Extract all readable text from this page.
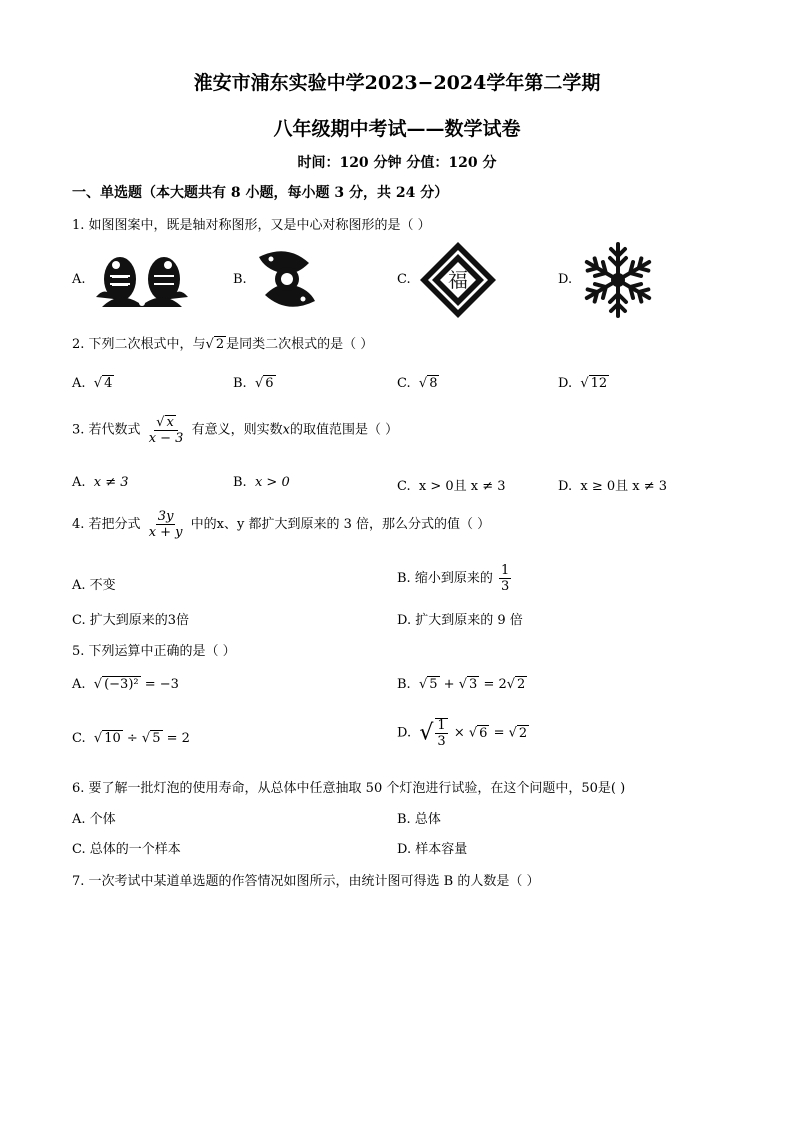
淮安市浦东实验中学2023−2024学年第二学期
八年级期中考试——数学试卷
时间：120 分钟 分值：120 分
一、单选题（本大题共有 8 小题，每小题 3 分，共 24 分）
1. 如图图案中，既是轴对称图形，又是中心对称图形的是（ ）
A.	B.	C.	D.
福
2. 下列二次根式中，与√ 2 是同类二次根式的是（ ）
A. √ 4	B. √ 6	C. √ 8	D. √ 12
3. 若代数式 $\frac{√ x}{x - 3}$ 有意义，则实数x的取值范围是（ ）
A. x ≠ 3	B. x > 0	C. x > 0且 x ≠ 3	D. x ≥ 0且 x ≠ 3
4. 若把分式 $\frac{3y}{x + y}$ 中的x、y 都扩大到原来的 3 倍，那么分式的值（ ）
A. 不变	B. 缩小到原来的 $\frac{1}{3}$
C. 扩大到原来的3倍	D. 扩大到原来的 9 倍
5. 下列运算中正确的是（ ）
A. √ (−3)² = −3	B. √ 5 + √ 3 = 2√ 2
C. √ 10 ÷ √ 5 = 2	D. √ $\frac{1}{3}$ × √ 6 = √ 2
6. 要了解一批灯泡的使用寿命，从总体中任意抽取 50 个灯泡进行试验，在这个问题中，50是( )
A. 个体	B. 总体
C. 总体的一个样本	D. 样本容量
7. 一次考试中某道单选题的作答情况如图所示，由统计图可得选 B 的人数是（ ）
